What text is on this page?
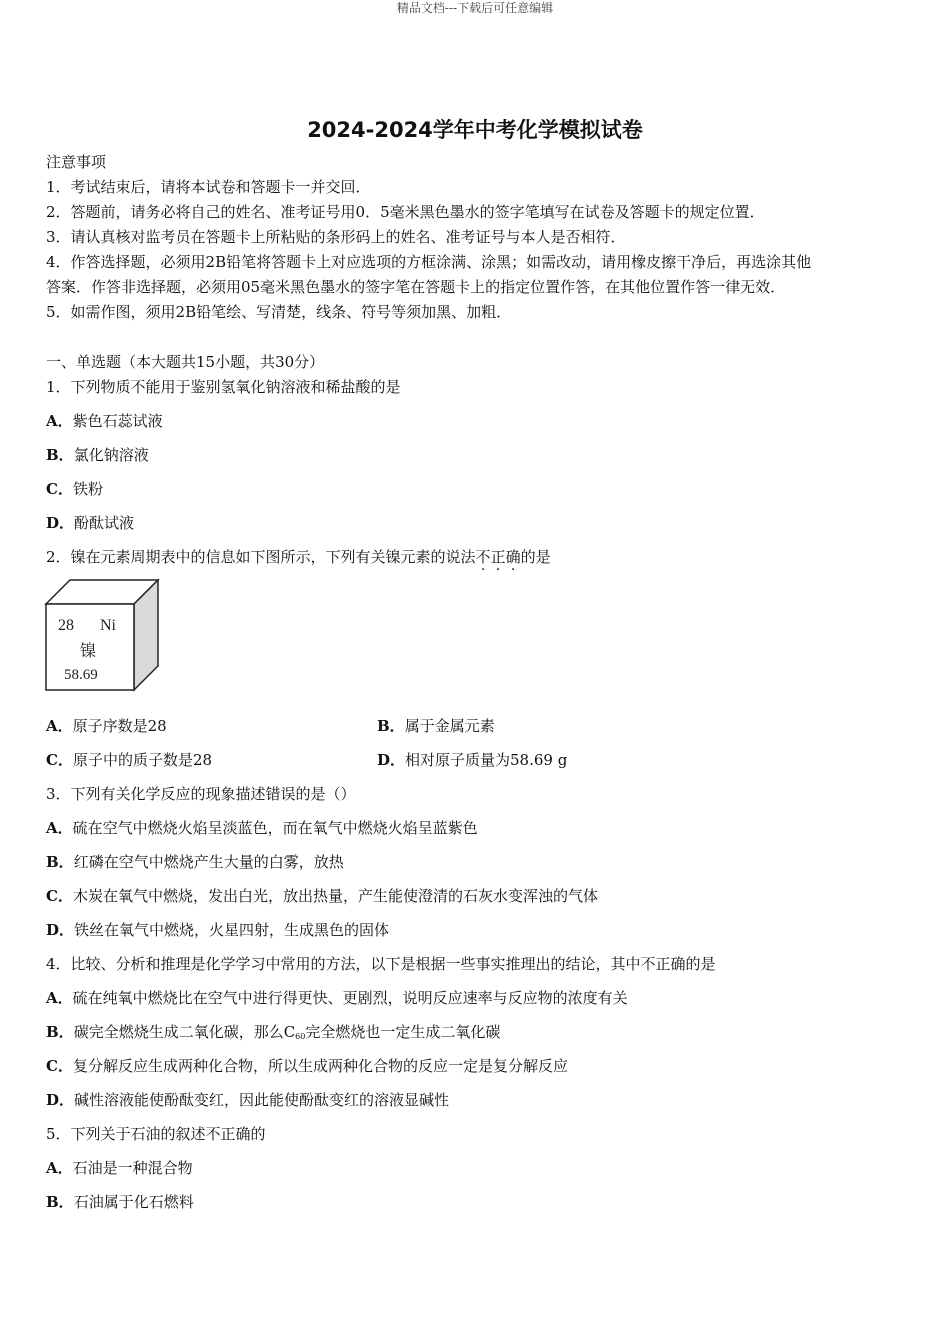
精品文档---下载后可任意编辑
2024-2024学年中考化学模拟试卷
注意事项
1．考试结束后，请将本试卷和答题卡一并交回．
2．答题前，请务必将自己的姓名、准考证号用0．5毫米黑色墨水的签字笔填写在试卷及答题卡的规定位置．
3．请认真核对监考员在答题卡上所粘贴的条形码上的姓名、准考证号与本人是否相符．
4．作答选择题，必须用2B铅笔将答题卡上对应选项的方框涂满、涂黑；如需改动，请用橡皮擦干净后，再选涂其他
答案．作答非选择题，必须用05毫米黑色墨水的签字笔在答题卡上的指定位置作答，在其他位置作答一律无效．
5．如需作图，须用2B铅笔绘、写清楚，线条、符号等须加黑、加粗．
一、单选题（本大题共15小题，共30分）
1．下列物质不能用于鉴别氢氧化钠溶液和稀盐酸的是
A．紫色石蕊试液
B．氯化钠溶液
C．铁粉
D．酚酞试液
2．镍在元素周期表中的信息如下图所示，下列有关镍元素的说法不正确的是
28 Ni
镍
58.69
A．原子序数是28	B．属于金属元素
C．原子中的质子数是28	D．相对原子质量为58.69 g
3．下列有关化学反应的现象描述错误的是（）
A．硫在空气中燃烧火焰呈淡蓝色，而在氧气中燃烧火焰呈蓝紫色
B．红磷在空气中燃烧产生大量的白雾，放热
C．木炭在氧气中燃烧，发出白光，放出热量，产生能使澄清的石灰水变浑浊的气体
D．铁丝在氧气中燃烧，火星四射，生成黑色的固体
4．比较、分析和推理是化学学习中常用的方法，以下是根据一些事实推理出的结论，其中不正确的是
A．硫在纯氧中燃烧比在空气中进行得更快、更剧烈，说明反应速率与反应物的浓度有关
B．碳完全燃烧生成二氧化碳，那么$C_{60}$完全燃烧也一定生成二氧化碳
C．复分解反应生成两种化合物，所以生成两种化合物的反应一定是复分解反应
D．碱性溶液能使酚酞变红，因此能使酚酞变红的溶液显碱性
5．下列关于石油的叙述不正确的
A．石油是一种混合物
B．石油属于化石燃料
